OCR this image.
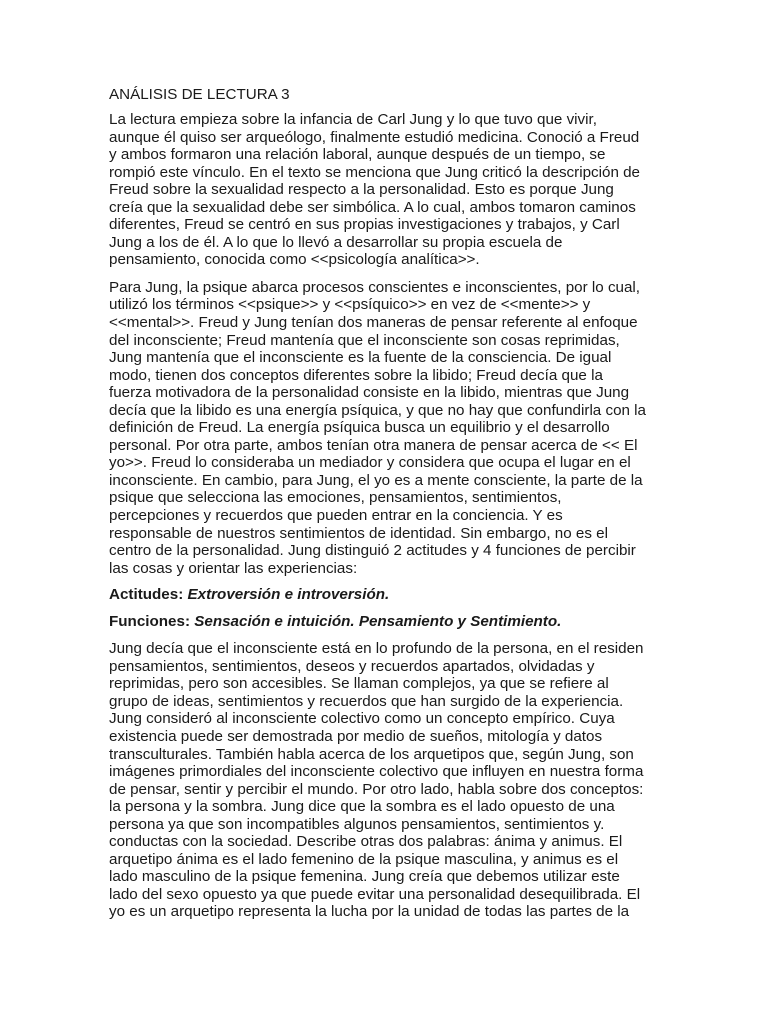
ANÁLISIS DE LECTURA 3

La lectura empieza sobre la infancia de Carl Jung y lo que tuvo que vivir,
aunque él quiso ser arqueólogo, finalmente estudió medicina. Conoció a Freud
y ambos formaron una relación laboral, aunque después de un tiempo, se
rompió este vínculo. En el texto se menciona que Jung criticó la descripción de
Freud sobre la sexualidad respecto a la personalidad. Esto es porque Jung
creía que la sexualidad debe ser simbólica. A lo cual, ambos tomaron caminos
diferentes, Freud se centró en sus propias investigaciones y trabajos, y Carl
Jung a los de él. A lo que lo llevó a desarrollar su propia escuela de
pensamiento, conocida como <<psicología analítica>>.

Para Jung, la psique abarca procesos conscientes e inconscientes, por lo cual,
utilizó los términos <<psique>> y <<psíquico>> en vez de <<mente>> y
<<mental>>. Freud y Jung tenían dos maneras de pensar referente al enfoque
del inconsciente; Freud mantenía que el inconsciente son cosas reprimidas,
Jung mantenía que el inconsciente es la fuente de la consciencia. De igual
modo, tienen dos conceptos diferentes sobre la libido; Freud decía que la
fuerza motivadora de la personalidad consiste en la libido, mientras que Jung
decía que la libido es una energía psíquica, y que no hay que confundirla con la
definición de Freud. La energía psíquica busca un equilibrio y el desarrollo
personal. Por otra parte, ambos tenían otra manera de pensar acerca de << El
yo>>. Freud lo consideraba un mediador y considera que ocupa el lugar en el
inconsciente. En cambio, para Jung, el yo es a mente consciente, la parte de la
psique que selecciona las emociones, pensamientos, sentimientos,
percepciones y recuerdos que pueden entrar en la conciencia. Y es
responsable de nuestros sentimientos de identidad. Sin embargo, no es el
centro de la personalidad. Jung distinguió 2 actitudes y 4 funciones de percibir
las cosas y orientar las experiencias:

Actitudes: Extroversión e introversión.

Funciones: Sensación e intuición. Pensamiento y Sentimiento.

Jung decía que el inconsciente está en lo profundo de la persona, en el residen
pensamientos, sentimientos, deseos y recuerdos apartados, olvidadas y
reprimidas, pero son accesibles. Se llaman complejos, ya que se refiere al
grupo de ideas, sentimientos y recuerdos que han surgido de la experiencia.
Jung consideró al inconsciente colectivo como un concepto empírico. Cuya
existencia puede ser demostrada por medio de sueños, mitología y datos
transculturales. También habla acerca de los arquetipos que, según Jung, son
imágenes primordiales del inconsciente colectivo que influyen en nuestra forma
de pensar, sentir y percibir el mundo. Por otro lado, habla sobre dos conceptos:
la persona y la sombra. Jung dice que la sombra es el lado opuesto de una
persona ya que son incompatibles algunos pensamientos, sentimientos y.
conductas con la sociedad. Describe otras dos palabras: ánima y animus. El
arquetipo ánima es el lado femenino de la psique masculina, y animus es el
lado masculino de la psique femenina. Jung creía que debemos utilizar este
lado del sexo opuesto ya que puede evitar una personalidad desequilibrada. El
yo es un arquetipo representa la lucha por la unidad de todas las partes de la
